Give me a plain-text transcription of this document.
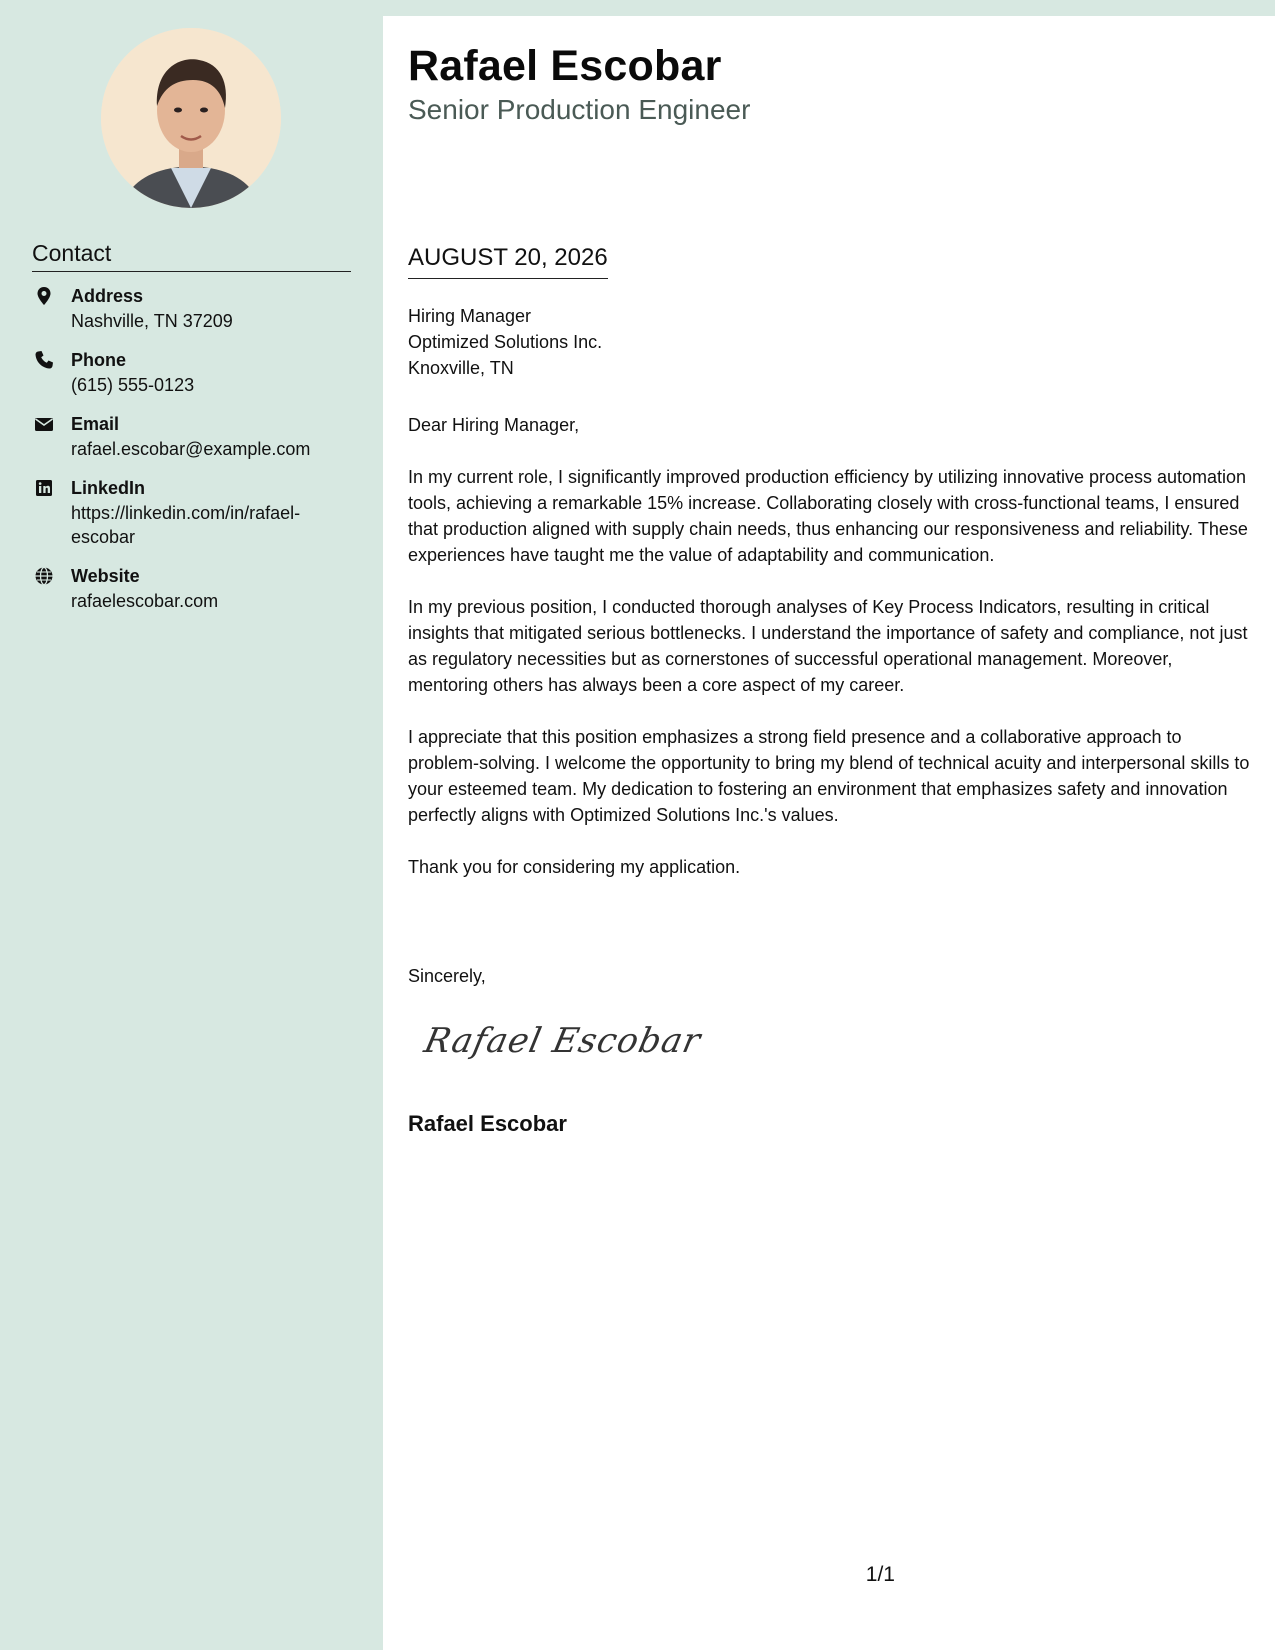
Contact
Address
Nashville, TN 37209
Phone
(615) 555-0123
Email
rafael.escobar@example.com
LinkedIn
https://linkedin.com/in/rafael-escobar
Website
rafaelescobar.com
Rafael Escobar
Senior Production Engineer
AUGUST 20, 2026
Hiring Manager
Optimized Solutions Inc.
Knoxville, TN

Dear Hiring Manager,

In my current role, I significantly improved production efficiency by utilizing innovative process automation tools, achieving a remarkable 15% increase. Collaborating closely with cross-functional teams, I ensured that production aligned with supply chain needs, thus enhancing our responsiveness and reliability. These experiences have taught me the value of adaptability and communication.

In my previous position, I conducted thorough analyses of Key Process Indicators, resulting in critical insights that mitigated serious bottlenecks. I understand the importance of safety and compliance, not just as regulatory necessities but as cornerstones of successful operational management. Moreover, mentoring others has always been a core aspect of my career.

I appreciate that this position emphasizes a strong field presence and a collaborative approach to problem-solving. I welcome the opportunity to bring my blend of technical acuity and interpersonal skills to your esteemed team. My dedication to fostering an environment that emphasizes safety and innovation perfectly aligns with Optimized Solutions Inc.'s values.

Thank you for considering my application.

Sincerely,
Rafael Escobar
Rafael Escobar
1/1
